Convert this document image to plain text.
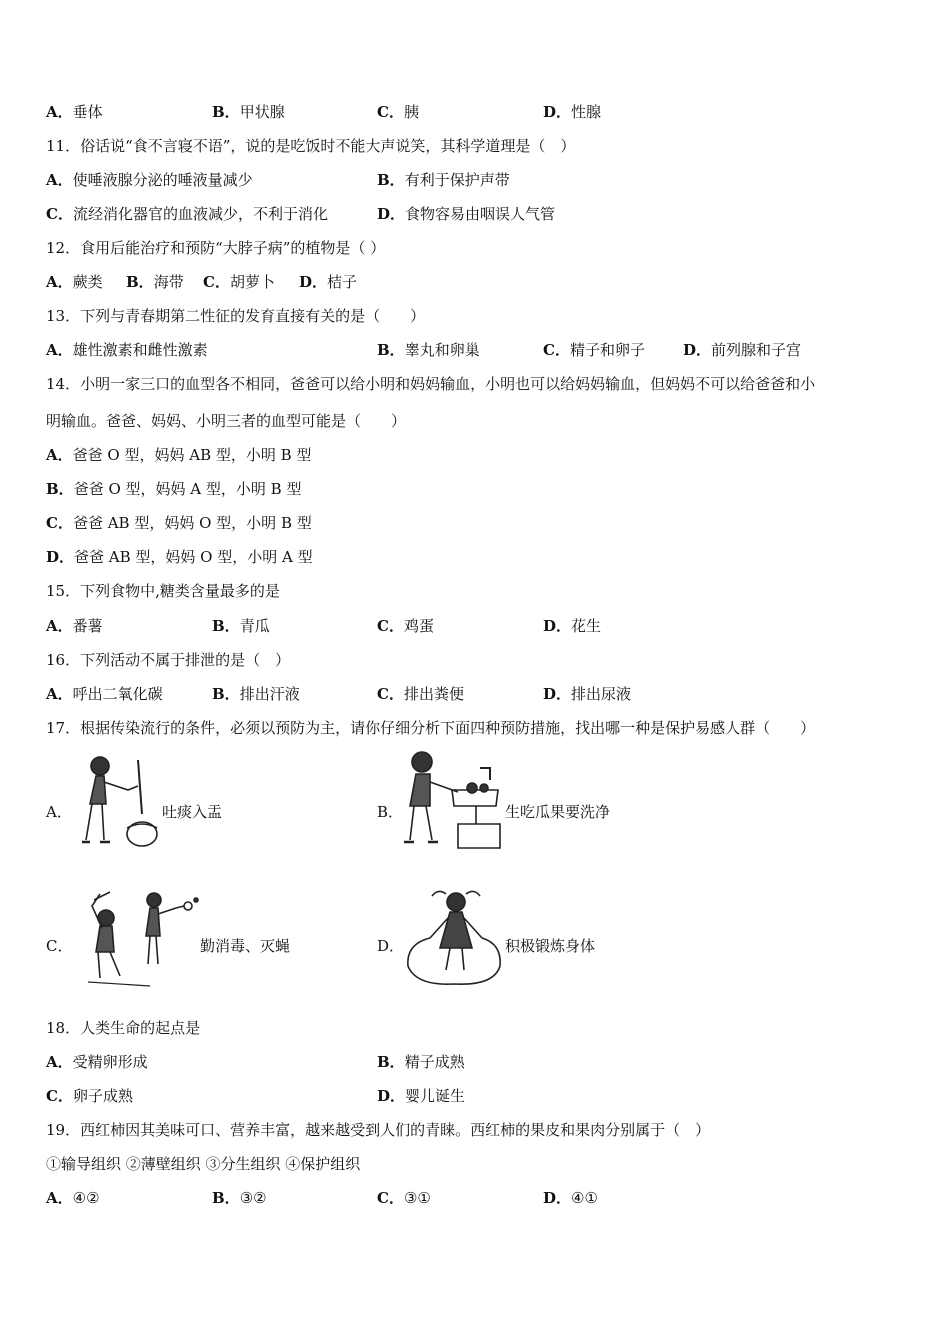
A．垂体	B．甲状腺	C．胰	D．性腺
11．俗话说“食不言寝不语”，说的是吃饭时不能大声说笑，其科学道理是（　）
A．使唾液腺分泌的唾液量减少	B．有利于保护声带
C．流经消化器官的血液减少，不利于消化	D．食物容易由咽误人气管
12．食用后能治疗和预防“大脖子病”的植物是（ ）
A．蕨类 B．海带 C．胡萝卜 D．桔子
13．下列与青春期第二性征的发育直接有关的是（　　）
A．雄性激素和雌性激素	B．睾丸和卵巢	C．精子和卵子	D．前列腺和子宫
14．小明一家三口的血型各不相同，爸爸可以给小明和妈妈输血，小明也可以给妈妈输血，但妈妈不可以给爸爸和小
明输血。爸爸、妈妈、小明三者的血型可能是（　　）
A．爸爸 O 型，妈妈 AB 型，小明 B 型
B．爸爸 O 型，妈妈 A 型，小明 B 型
C．爸爸 AB 型，妈妈 O 型，小明 B 型
D．爸爸 AB 型，妈妈 O 型，小明 A 型
15．下列食物中,糖类含量最多的是
A．番薯	B．青瓜	C．鸡蛋	D．花生
16．下列活动不属于排泄的是（　）
A．呼出二氧化碳	B．排出汗液	C．排出粪便	D．排出尿液
17．根据传染流行的条件，必须以预防为主，请你仔细分析下面四种预防措施，找出哪一种是保护易感人群（　　）
A．	吐痰入盂	B．	生吃瓜果要洗净
C．	勤消毒、灭蝇	D．	积极锻炼身体
18．人类生命的起点是
A．受精卵形成	B．精子成熟
C．卵子成熟	D．婴儿诞生
19．西红柿因其美味可口、营养丰富，越来越受到人们的青睐。西红柿的果皮和果肉分别属于（　）
①输导组织 ②薄壁组织 ③分生组织 ④保护组织
A．④②	B．③②	C．③①	D．④①
